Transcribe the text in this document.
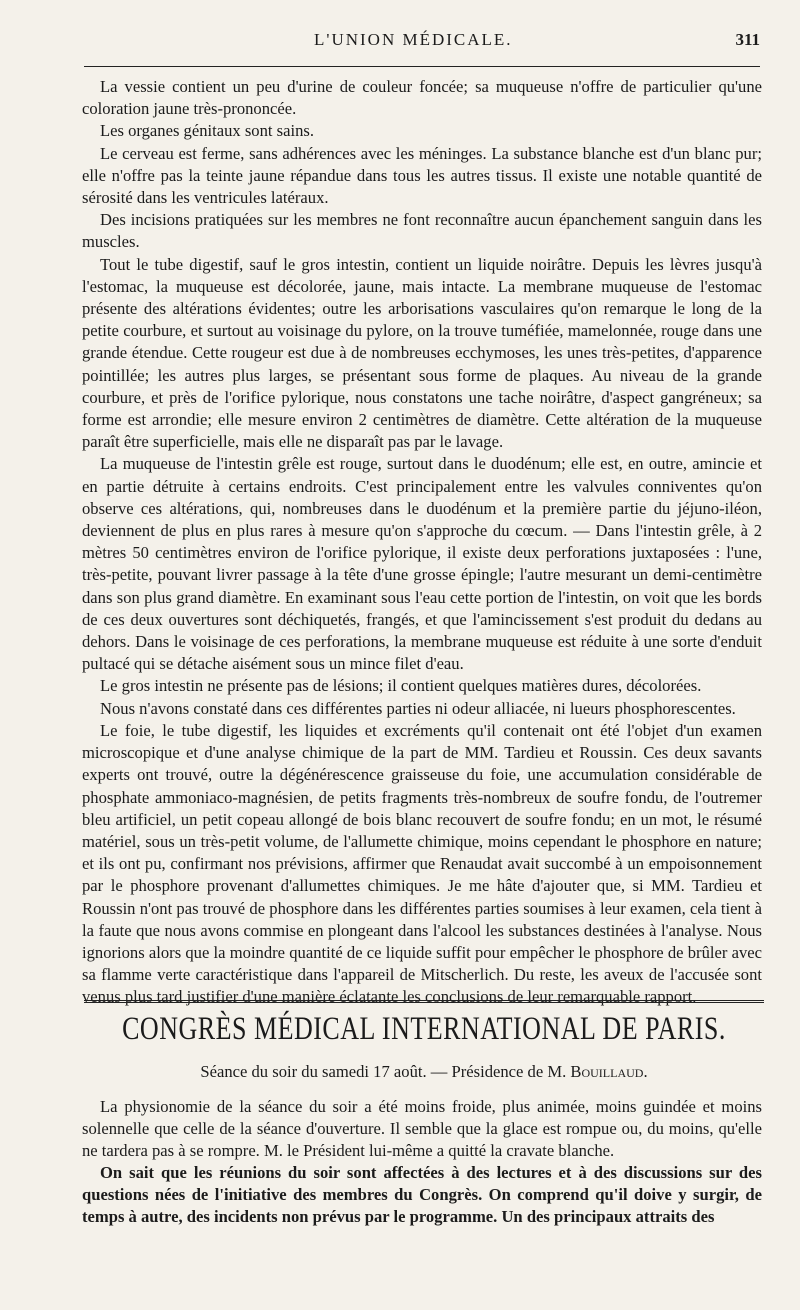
L'UNION MÉDICALE.	311

La vessie contient un peu d'urine de couleur foncée; sa muqueuse n'offre de particulier qu'une coloration jaune très-prononcée.

Les organes génitaux sont sains.

Le cerveau est ferme, sans adhérences avec les méninges. La substance blanche est d'un blanc pur; elle n'offre pas la teinte jaune répandue dans tous les autres tissus. Il existe une notable quantité de sérosité dans les ventricules latéraux.

Des incisions pratiquées sur les membres ne font reconnaître aucun épanchement sanguin dans les muscles.

Tout le tube digestif, sauf le gros intestin, contient un liquide noirâtre. Depuis les lèvres jusqu'à l'estomac, la muqueuse est décolorée, jaune, mais intacte. La membrane muqueuse de l'estomac présente des altérations évidentes; outre les arborisations vasculaires qu'on remarque le long de la petite courbure, et surtout au voisinage du pylore, on la trouve tuméfiée, mamelonnée, rouge dans une grande étendue. Cette rougeur est due à de nombreuses ecchymoses, les unes très-petites, d'apparence pointillée; les autres plus larges, se présentant sous forme de plaques. Au niveau de la grande courbure, et près de l'orifice pylorique, nous constatons une tache noirâtre, d'aspect gangréneux; sa forme est arrondie; elle mesure environ 2 centimètres de diamètre. Cette altération de la muqueuse paraît être superficielle, mais elle ne disparaît pas par le lavage.

La muqueuse de l'intestin grêle est rouge, surtout dans le duodénum; elle est, en outre, amincie et en partie détruite à certains endroits. C'est principalement entre les valvules conniventes qu'on observe ces altérations, qui, nombreuses dans le duodénum et la première partie du jéjuno-iléon, deviennent de plus en plus rares à mesure qu'on s'approche du cœcum. — Dans l'intestin grêle, à 2 mètres 50 centimètres environ de l'orifice pylorique, il existe deux perforations juxtaposées : l'une, très-petite, pouvant livrer passage à la tête d'une grosse épingle; l'autre mesurant un demi-centimètre dans son plus grand diamètre. En examinant sous l'eau cette portion de l'intestin, on voit que les bords de ces deux ouvertures sont déchiquetés, frangés, et que l'amincissement s'est produit du dedans au dehors. Dans le voisinage de ces perforations, la membrane muqueuse est réduite à une sorte d'enduit pultacé qui se détache aisément sous un mince filet d'eau.

Le gros intestin ne présente pas de lésions; il contient quelques matières dures, décolorées.

Nous n'avons constaté dans ces différentes parties ni odeur alliacée, ni lueurs phosphorescentes.

Le foie, le tube digestif, les liquides et excréments qu'il contenait ont été l'objet d'un examen microscopique et d'une analyse chimique de la part de MM. Tardieu et Roussin. Ces deux savants experts ont trouvé, outre la dégénérescence graisseuse du foie, une accumulation considérable de phosphate ammoniaco-magnésien, de petits fragments très-nombreux de soufre fondu, de l'outremer bleu artificiel, un petit copeau allongé de bois blanc recouvert de soufre fondu; en un mot, le résumé matériel, sous un très-petit volume, de l'allumette chimique, moins cependant le phosphore en nature; et ils ont pu, confirmant nos prévisions, affirmer que Renaudat avait succombé à un empoisonnement par le phosphore provenant d'allumettes chimiques. Je me hâte d'ajouter que, si MM. Tardieu et Roussin n'ont pas trouvé de phosphore dans les différentes parties soumises à leur examen, cela tient à la faute que nous avons commise en plongeant dans l'alcool les substances destinées à l'analyse. Nous ignorions alors que la moindre quantité de ce liquide suffit pour empêcher le phosphore de brûler avec sa flamme verte caractéristique dans l'appareil de Mitscherlich. Du reste, les aveux de l'accusée sont venus plus tard justifier d'une manière éclatante les conclusions de leur remarquable rapport.

CONGRÈS MÉDICAL INTERNATIONAL DE PARIS.
Séance du soir du samedi 17 août. — Présidence de M. Bouillaud.

La physionomie de la séance du soir a été moins froide, plus animée, moins guindée et moins solennelle que celle de la séance d'ouverture. Il semble que la glace est rompue ou, du moins, qu'elle ne tardera pas à se rompre. M. le Président lui-même a quitté la cravate blanche.

On sait que les réunions du soir sont affectées à des lectures et à des discussions sur des questions nées de l'initiative des membres du Congrès. On comprend qu'il doive y surgir, de temps à autre, des incidents non prévus par le programme. Un des principaux attraits des
